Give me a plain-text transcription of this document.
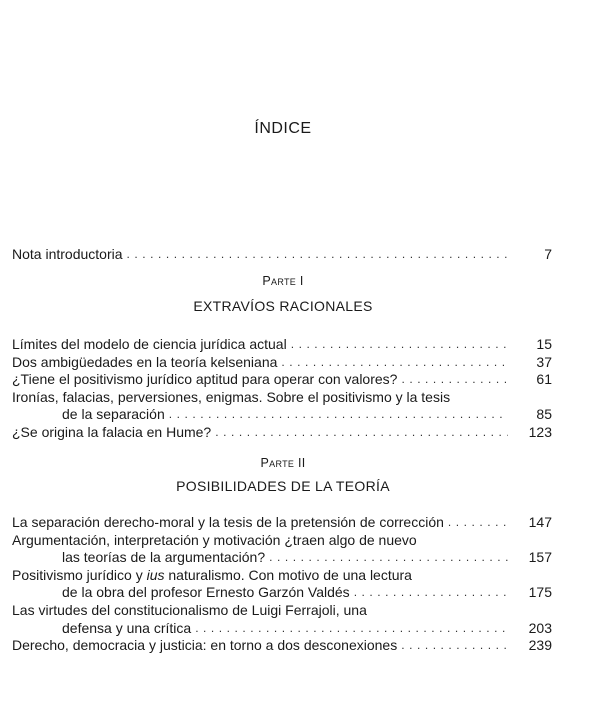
ÍNDICE
Nota introductoria . . .	7
Parte I
EXTRAVÍOS RACIONALES
Límites del modelo de ciencia jurídica actual . . .	15
Dos ambigüedades en la teoría kelseniana . . .	37
¿Tiene el positivismo jurídico aptitud para operar con valores? . . .	61
Ironías, falacias, perversiones, enigmas. Sobre el positivismo y la tesis
de la separación . . .	85
¿Se origina la falacia en Hume? . . .	123
Parte II
POSIBILIDADES DE LA TEORÍA
La separación derecho-moral y la tesis de la pretensión de corrección . . .	147
Argumentación, interpretación y motivación ¿traen algo de nuevo
las teorías de la argumentación? . . .	157
Positivismo jurídico y ius naturalismo. Con motivo de una lectura
de la obra del profesor Ernesto Garzón Valdés . . .	175
Las virtudes del constitucionalismo de Luigi Ferrajoli, una
defensa y una crítica . . .	203
Derecho, democracia y justicia: en torno a dos desconexiones . . .	239
